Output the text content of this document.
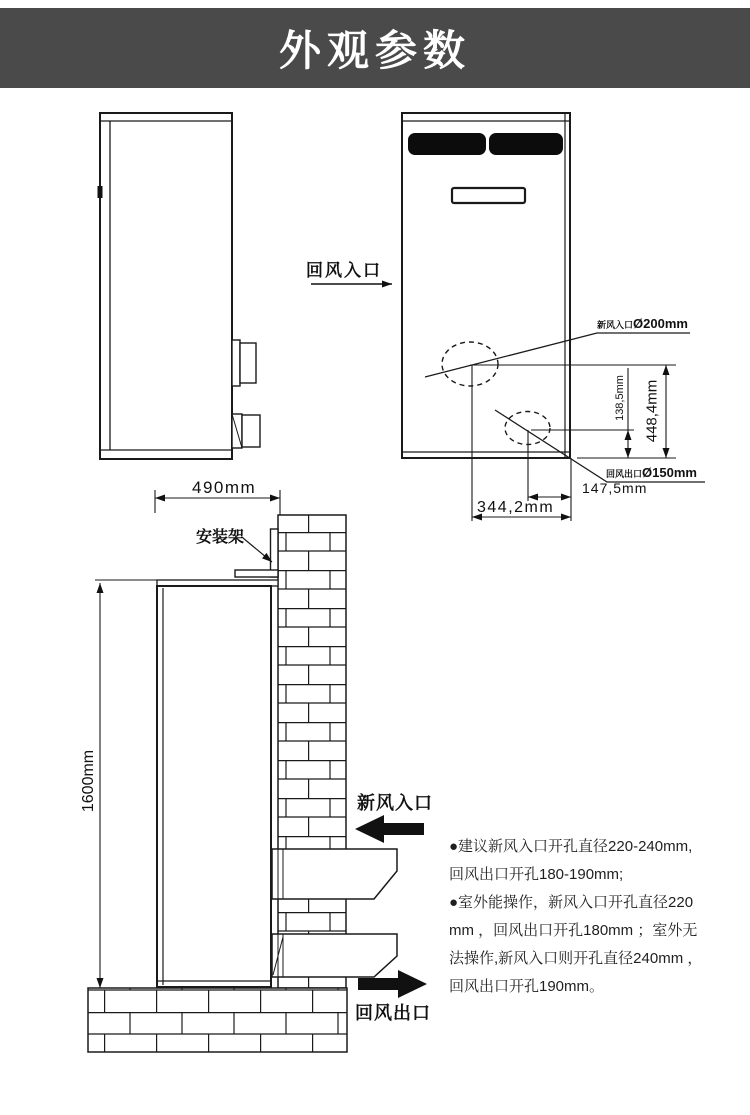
外观参数
回风入口
新风入口Ø200mm
回风出口Ø150mm
138,5mm 448,4mm
147,5mm
344,2mm
490mm
安装架
1600mm	新风入口
回风出口
●建议新风入口开孔直径220-240mm,
回风出口开孔180-190mm;
●室外能操作，新风入口开孔直径220
mm ，回风出口开孔180mm ；室外无
法操作,新风入口则开孔直径240mm ，
回风出口开孔190mm。
